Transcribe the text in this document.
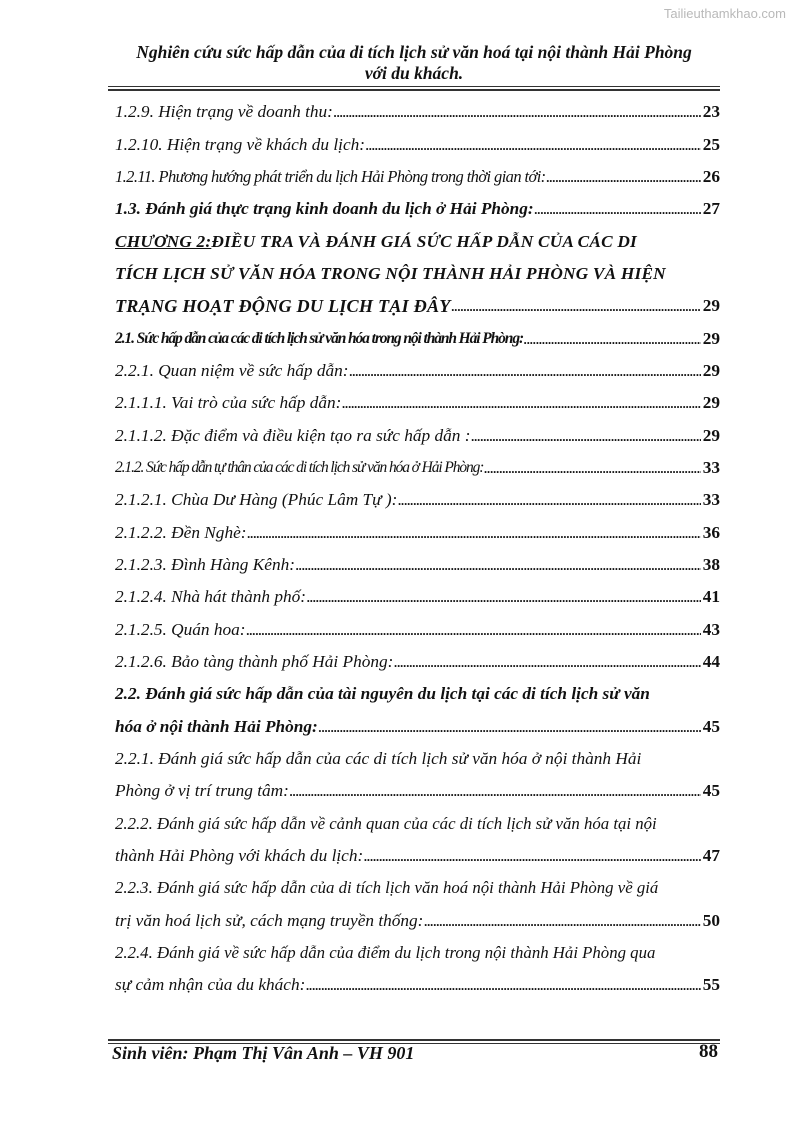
Tailieuthamkhao.com
Nghiên cứu sức hấp dẫn của di tích lịch sử văn hoá tại nội thành Hải Phòng
với du khách.
1.2.9. Hiện trạng về doanh thu: . . .	23
1.2.10. Hiện trạng về khách du lịch: . . .	25
1.2.11. Phương hướng phát triển du lịch Hải Phòng trong thời gian tới: . . .	26
1.3. Đánh giá thực trạng kinh doanh du lịch ở Hải Phòng: . . .	27
CHƯƠNG 2: ĐIỀU TRA VÀ ĐÁNH GIÁ SỨC HẤP DẪN CỦA CÁC DI
TÍCH LỊCH SỬ VĂN HÓA TRONG NỘI THÀNH HẢI PHÒNG VÀ HIỆN
TRẠNG HOẠT ĐỘNG DU LỊCH TẠI ĐÂY . . .	29
2.1. Sức hấp dẫn của các di tích lịch sử văn hóa trong nội thành Hải Phòng: . . .	29
2.2.1. Quan niệm về sức hấp dẫn: . . .	29
2.1.1.1. Vai trò của sức hấp dẫn: . . .	29
2.1.1.2. Đặc điểm và điều kiện tạo ra sức hấp dẫn : . . .	29
2.1.2. Sức hấp dẫn tự thân của các di tích lịch sử văn hóa ở Hải Phòng: . . .	33
2.1.2.1. Chùa Dư Hàng (Phúc Lâm Tự ): . . .	33
2.1.2.2. Đền Nghè: . . .	36
2.1.2.3. Đình Hàng Kênh: . . .	38
2.1.2.4. Nhà hát thành phố: . . .	41
2.1.2.5. Quán hoa: . . .	43
2.1.2.6. Bảo tàng thành phố Hải Phòng: . . .	44
2.2. Đánh giá sức hấp dẫn của tài nguyên du lịch tại các di tích lịch sử văn
hóa ở nội thành Hải Phòng: . . .	45
2.2.1. Đánh giá sức hấp dẫn của các di tích lịch sử văn hóa ở nội thành Hải
Phòng ở vị trí trung tâm: . . .	45
2.2.2. Đánh giá sức hấp dẫn về cảnh quan của các di tích lịch sử văn hóa tại nội
thành Hải Phòng với khách du lịch: . . .	47
2.2.3. Đánh giá sức hấp dẫn của di tích lịch văn hoá nội thành Hải Phòng về giá
trị văn hoá lịch sử, cách mạng truyền thống: . . .	50
2.2.4. Đánh giá về sức hấp dẫn của điểm du lịch trong nội thành Hải Phòng qua
sự cảm nhận của du khách: . . .	55
Sinh viên: Phạm Thị Vân Anh – VH 901	88
